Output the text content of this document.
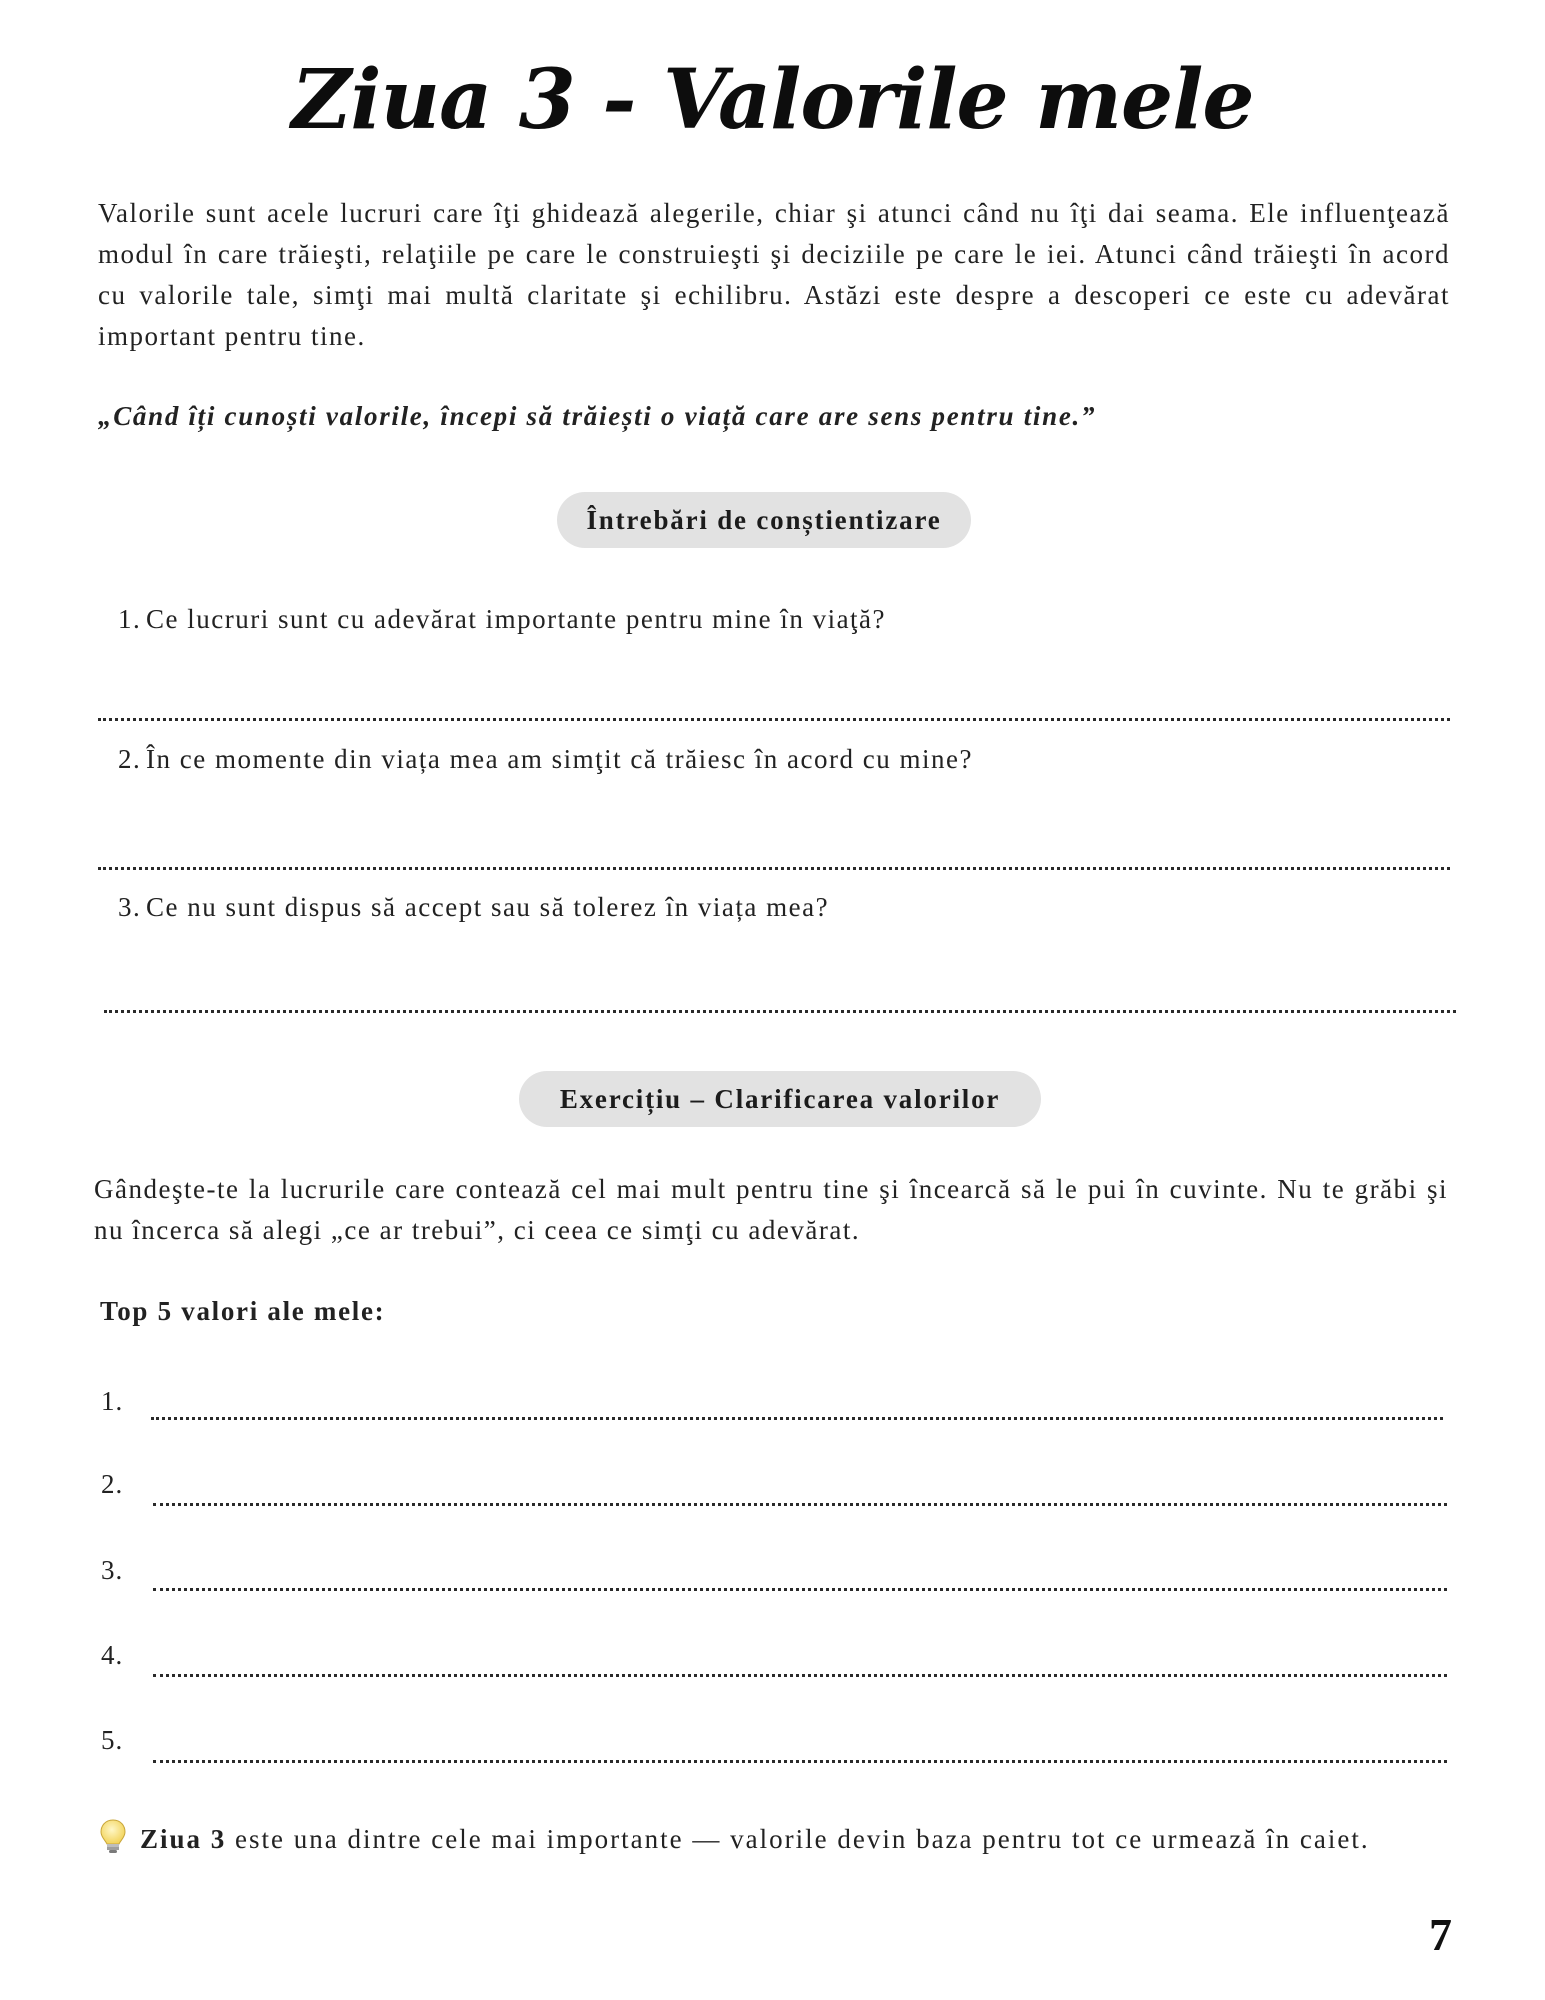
Ziua 3 - Valorile mele

Valorile sunt acele lucruri care îţi ghidează alegerile, chiar şi atunci când nu îţi dai seama. Ele influenţează modul în care trăieşti, relaţiile pe care le construieşti şi deciziile pe care le iei. Atunci când trăieşti în acord cu valorile tale, simţi mai multă claritate şi echilibru. Astăzi este despre a descoperi ce este cu adevărat important pentru tine.

„Când îți cunoști valorile, începi să trăiești o viață care are sens pentru tine.”

Întrebări de conștientizare
1. Ce lucruri sunt cu adevărat importante pentru mine în viaţă?
2. În ce momente din viața mea am simţit că trăiesc în acord cu mine?
3. Ce nu sunt dispus să accept sau să tolerez în viața mea?
Exercițiu – Clarificarea valorilor

Gândeşte-te la lucrurile care contează cel mai mult pentru tine şi încearcă să le pui în cuvinte. Nu te grăbi şi nu încerca să alegi „ce ar trebui”, ci ceea ce simţi cu adevărat.

Top 5 valori ale mele:
1.
2.
3.
4.
5.

Ziua 3 este una dintre cele mai importante — valorile devin baza pentru tot ce urmează în caiet.

7
